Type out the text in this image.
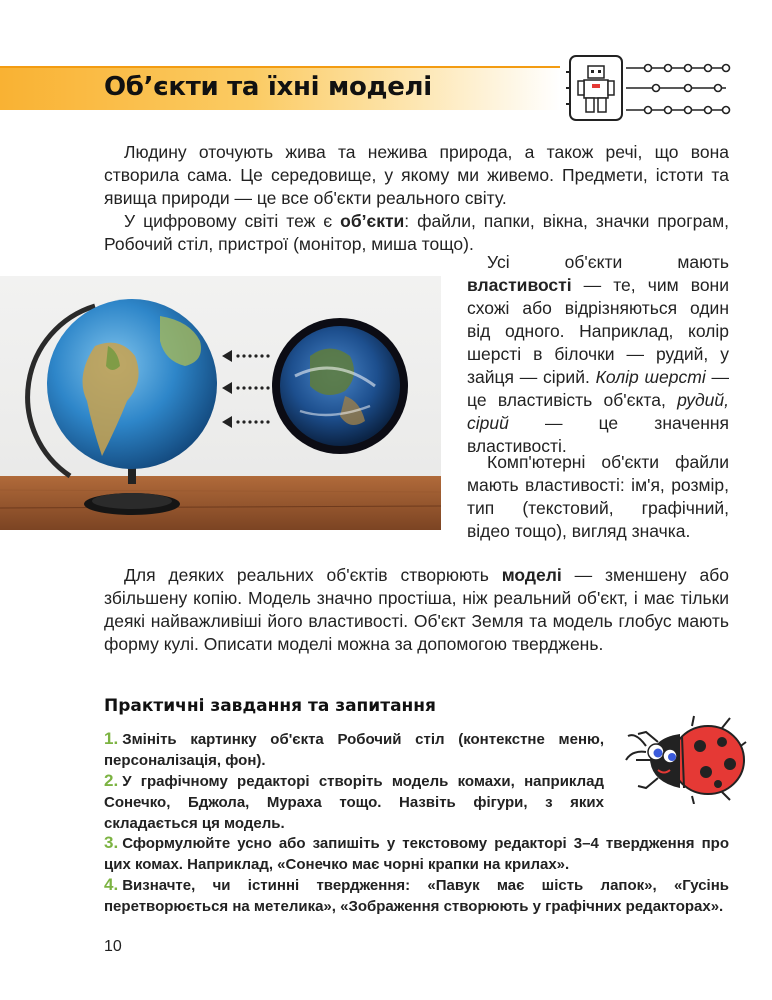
Об’єкти та їхні моделі

Людину оточують жива та нежива природа, а також речі, що вона створила сама. Це середовище, у якому ми живемо. Предмети, істоти та явища природи — це все об'єкти реального світу.

У цифровому світі теж є об’єкти: файли, папки, вікна, значки програм, Робочий стіл, пристрої (монітор, миша тощо).

Усі об'єкти мають властивості — те, чим вони схожі або відрізняються один від одного. Наприклад, колір шерсті в білочки — рудий, у зайця — сірий. Колір шерсті — це властивість об'єкта, рудий, сірий — це значення властивості.

Комп'ютерні об'єкти файли мають властивості: ім'я, розмір, тип (текстовий, графічний, відео тощо), вигляд значка.

Для деяких реальних об'єктів створюють моделі — зменшену або збільшену копію. Модель значно простіша, ніж реальний об'єкт, і має тільки деякі найважливіші його властивості. Об'єкт Земля та модель глобус мають форму кулі. Описати моделі можна за допомогою тверджень.

Практичні завдання та запитання

1. Змініть картинку об'єкта Робочий стіл (контекстне меню, персоналізація, фон).

2. У графічному редакторі створіть модель комахи, наприклад Сонечко, Бджола, Мураха тощо. Назвіть фігури, з яких складається ця модель.

3. Сформулюйте усно або запишіть у текстовому редакторі 3–4 твердження про цих комах. Наприклад, «Сонечко має чорні крапки на крилах».

4. Визначте, чи істинні твердження: «Павук має шість лапок», «Гусінь перетворюється на метелика», «Зображення створюють у графічних редакторах».

10
